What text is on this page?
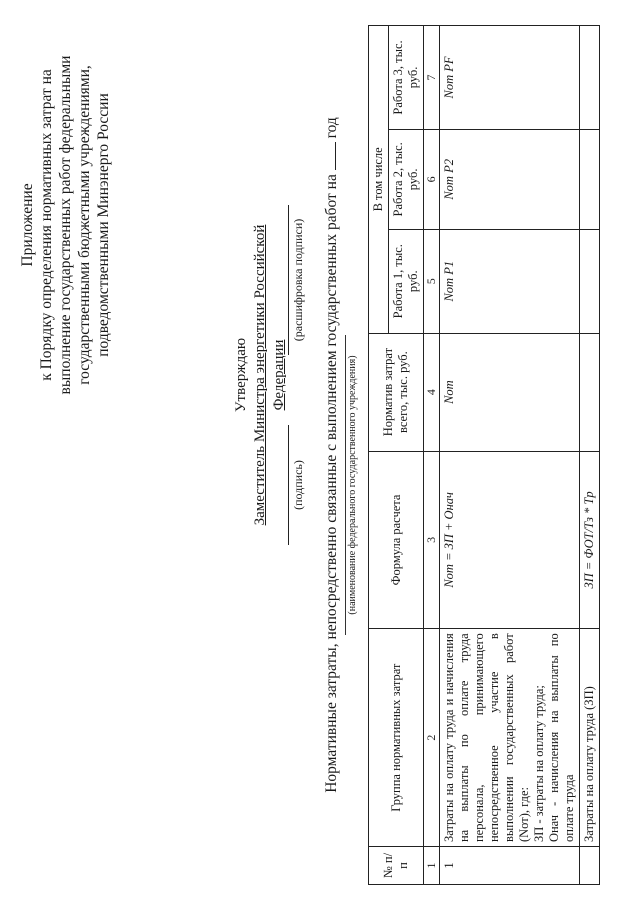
Приложение к Порядку определения нормативных затрат на выполнение государственных работ федеральными государственными бюджетными учреждениями, подведомственными Минэнерго России
Утверждаю Заместитель Министра энергетики Российской Федерации
(подпись)
(расшифровка подписи) Нормативные затраты, непосредственно связанные с выполнением государственных работ на  год
(наименование федерального государственного учреждения)
№ п/п	Группа нормативных затрат	Формула расчета	Норматив затрат всего, тыс. руб.	В том числе		
				Работа 1, тыс. руб.	Работа 2, тыс. руб.	Работа 3, тыс. руб.
1	2	3	4	5	6	7
1	Затраты на оплату труда и начисления на выплаты по оплате труда персонала, принимающего непосредственное участие в выполнении государственных работ (Nот), где: ЗП - затраты на оплату труда; Oнач - начисления на выплаты по оплате труда	Nот = ЗП + Oнач	Nот	Nот P1	Nот P2	Nот PF

	Затраты на оплату труда (ЗП)	ЗП = ФОТ/Tз * Tр				
